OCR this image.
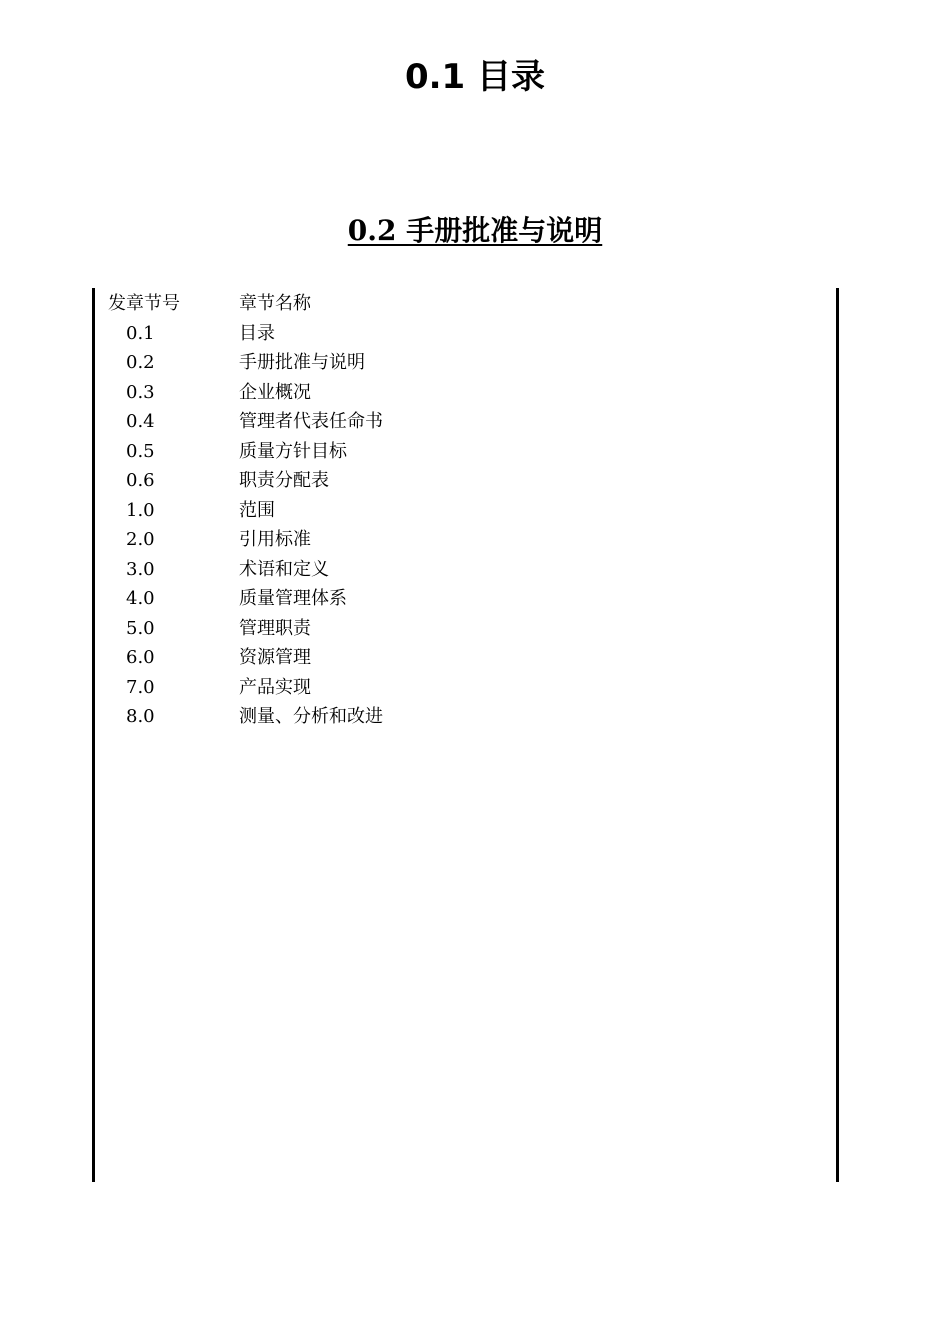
0.1 目录
0.2 手册批准与说明
发章节号	章节名称
0.1	目录
0.2	手册批准与说明
0.3	企业概况
0.4	管理者代表任命书
0.5	质量方针目标
0.6	职责分配表
1.0	范围
2.0	引用标准
3.0	术语和定义
4.0	质量管理体系
5.0	管理职责
6.0	资源管理
7.0	产品实现
8.0	测量、分析和改进
